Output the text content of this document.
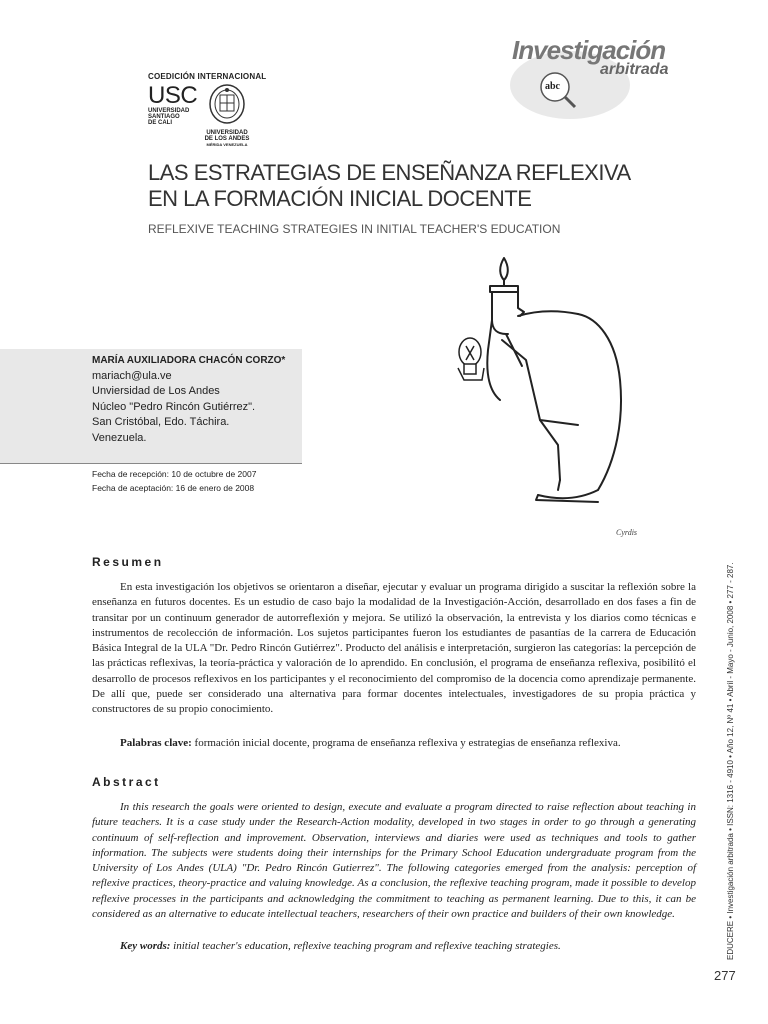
COEDICIÓN INTERNACIONAL
USC
UNIVERSIDAD
SANTIAGO
DE CALI
UNIVERSIDAD
DE LOS ANDES
MÉRIDA VENEZUELA
Investigación
arbitrada
abc
LAS ESTRATEGIAS DE ENSEÑANZA REFLEXIVA
EN LA FORMACIÓN INICIAL DOCENTE
REFLEXIVE TEACHING STRATEGIES IN INITIAL TEACHER'S EDUCATION
Cyrdis
MARÍA AUXILIADORA CHACÓN CORZO*
mariach@ula.ve
Unviersidad de Los Andes
Núcleo "Pedro Rincón Gutiérrez".
San Cristóbal, Edo. Táchira.
Venezuela.
Fecha de recepción: 10 de octubre de 2007
Fecha de aceptación: 16 de enero de 2008
Resumen
En esta investigación los objetivos se orientaron a diseñar, ejecutar y evaluar un programa dirigido a suscitar la reflexión sobre la enseñanza en futuros docentes. Es un estudio de caso bajo la modalidad de la Investigación-Acción, desarrollado en dos fases a fin de transitar por un continuum generador de autorreflexión y mejora. Se utilizó la observación, la entrevista y los diarios como técnicas e instrumentos de recolección de información. Los sujetos participantes fueron los estudiantes de pasantías de la carrera de Educación Básica Integral de la ULA "Dr. Pedro Rincón Gutiérrez". Producto del análisis e interpretación, surgieron las categorías: la percepción de las prácticas reflexivas, la teoría-práctica y valoración de lo aprendido. En conclusión, el programa de enseñanza reflexiva, posibilitó el desarrollo de procesos reflexivos en los participantes y el reconocimiento del compromiso de la docencia como aprendizaje permanente. De allí que, puede ser considerado una alternativa para formar docentes intelectuales, investigadores de su propia práctica y constructores de su propio conocimiento.
Palabras clave: formación inicial docente, programa de enseñanza reflexiva y estrategias de enseñanza reflexiva.
Abstract
In this research the goals were oriented to design, execute and evaluate a program directed to raise reflection about teaching in future teachers. It is a case study under the Research-Action modality, developed in two stages in order to go through a generating continuum of self-reflection and improvement. Observation, interviews and diaries were used as techniques and tools to gather information. The subjects were students doing their internships for the Primary School Education undergraduate program from the University of Los Andes (ULA) "Dr. Pedro Rincón Gutierrez". The following categories emerged from the analysis: perception of reflexive practices, theory-practice and valuing knowledge. As a conclusion, the reflexive teaching program, made it possible to develop reflexive processes in the participants and acknowledging the commitment to teaching as permanent learning. Due to this, it can be considered as an alternative to educate intellectual teachers, researchers of their own practice and builders of their own knowledge.
Key words: initial teacher's education, reflexive teaching program and reflexive teaching strategies.	EDUCERE • Investigación arbitrada • ISSN: 1316 - 4910 • Año 12, Nº 41 • Abril - Mayo - Junio, 2008 • 277 - 287.
277
